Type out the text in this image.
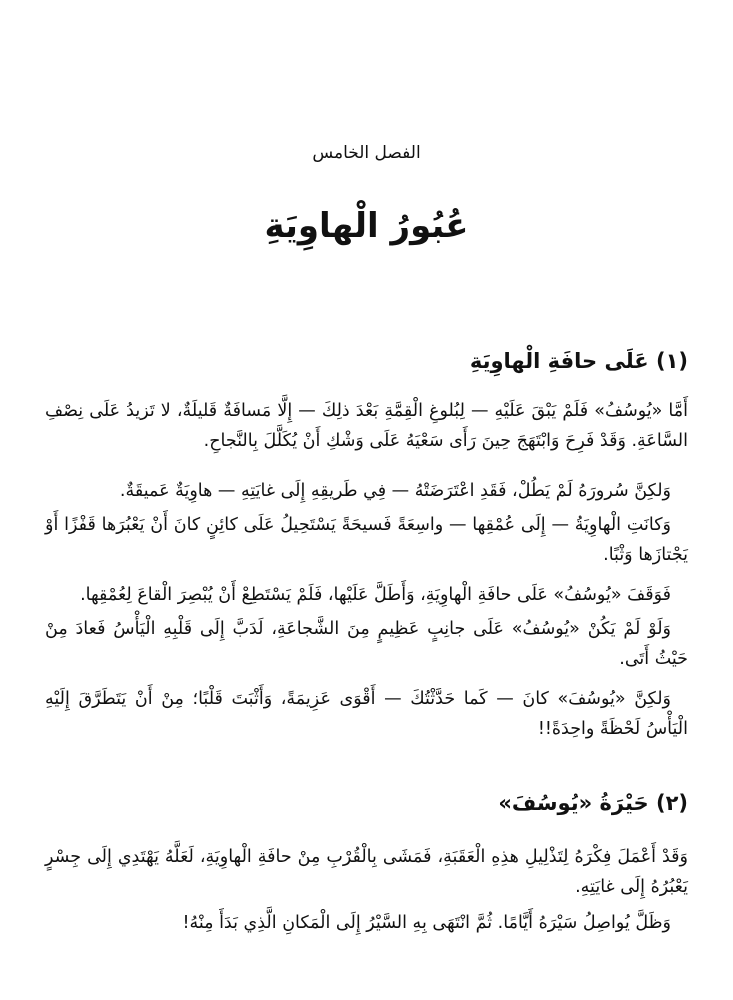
الفصل الخامس
عُبُورُ الْهاوِيَةِ
(١) عَلَى حافَةِ الْهاوِيَةِ

أَمَّا «يُوسُفُ» فَلَمْ يَبْقَ عَلَيْهِ — لِبُلوغِ الْقِمَّةِ بَعْدَ ذلِكَ — إِلَّا مَسافَةٌ قَليلَةٌ، لا تَزيدُ عَلَى نِصْفِ السَّاعَةِ. وَقَدْ فَرِحَ وَابْتَهَجَ حِينَ رَأَى سَعْيَهُ عَلَى وَشْكِ أَنْ يُكَلَّلَ بِالنَّجاحِ.

وَلكِنَّ سُرورَهُ لَمْ يَطُلْ، فَقَدِ اعْتَرَضَتْهُ — فِي طَريقِهِ إِلَى غايَتِهِ — هاوِيَةٌ عَميقَةٌ.

وَكانَتِ الْهاوِيَةُ — إِلَى عُمْقِها — واسِعَةً فَسيحَةً يَسْتَحِيلُ عَلَى كائِنٍ كانَ أَنْ يَعْبُرَها قَفْزًا أَوْ يَجْتازَها وَثْبًا.

فَوَقَفَ «يُوسُفُ» عَلَى حافَةِ الْهاوِيَةِ، وَأَطَلَّ عَلَيْها، فَلَمْ يَسْتَطِعْ أَنْ يُبْصِرَ الْقاعَ لِعُمْقِها.

وَلَوْ لَمْ يَكُنْ «يُوسُفُ» عَلَى جانِبٍ عَظِيمٍ مِنَ الشَّجاعَةِ، لَدَبَّ إِلَى قَلْبِهِ الْيَأْسُ فَعادَ مِنْ حَيْثُ أَتَى.

وَلكِنَّ «يُوسُفَ» كانَ — كَما حَدَّثْتُكَ — أَقْوَى عَزِيمَةً، وَأَثْبَتَ قَلْبًا؛ مِنْ أَنْ يَتَطَرَّقَ إِلَيْهِ الْيَأْسُ لَحْظَةً واحِدَةً!!

(٢) حَيْرَةُ «يُوسُفَ»

وَقَدْ أَعْمَلَ فِكْرَهُ لِتَذْلِيلِ هذِهِ الْعَقَبَةِ، فَمَشَى بِالْقُرْبِ مِنْ حافَةِ الْهاوِيَةِ، لَعَلَّهُ يَهْتَدِي إِلَى جِسْرٍ يَعْبُرُهُ إِلَى غايَتِهِ.

وَظَلَّ يُواصِلُ سَيْرَهُ أَيَّامًا. ثُمَّ انْتَهَى بِهِ السَّيْرُ إِلَى الْمَكانِ الَّذِي بَدَأَ مِنْهُ!
